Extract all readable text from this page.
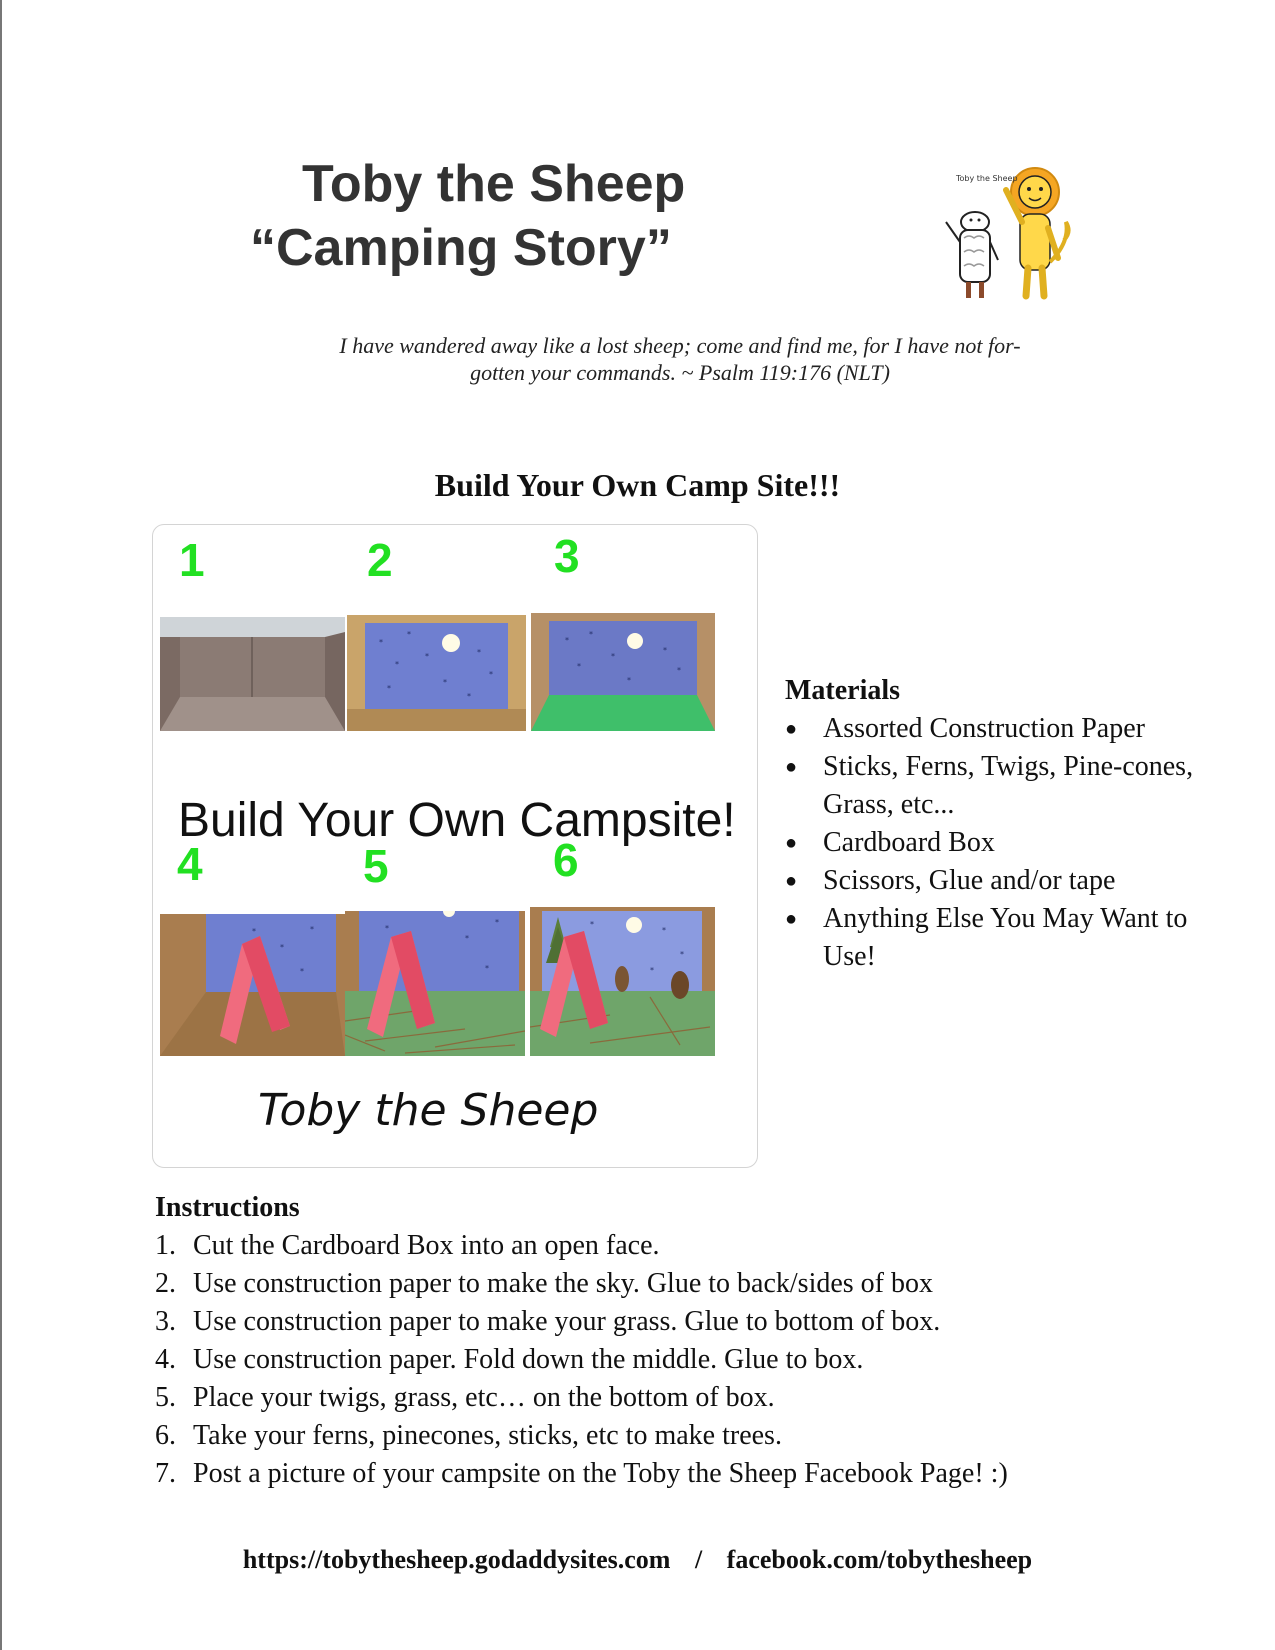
Toby the Sheep
“Camping Story”
Toby the Sheep
I have wandered away like a lost sheep; come and find me, for I have not for-
gotten your commands. ~ Psalm 119:176 (NLT)
Build Your Own Camp Site!!!
1	2	3
4	5	6
*
*
*
*	*
*
*
*
*
*
*
*
*
*
*
*
Build Your Own Campsite!
*
*
*
*
*
*
*
*
*
*
*
*
Toby the Sheep
Materials
● Assorted Construction Paper
● Sticks, Ferns, Twigs, Pine-cones, Grass, etc...
● Cardboard Box
● Scissors, Glue and/or tape
● Anything Else You May Want to Use!
Instructions
1. Cut the Cardboard Box into an open face.
2. Use construction paper to make the sky. Glue to back/sides of box
3. Use construction paper to make your grass. Glue to bottom of box.
4. Use construction paper. Fold down the middle. Glue to box.
5. Place your twigs, grass, etc… on the bottom of box.
6. Take your ferns, pinecones, sticks, etc to make trees.
7. Post a picture of your campsite on the Toby the Sheep Facebook Page! :)
https://tobythesheep.godaddysites.com / facebook.com/tobythesheep
